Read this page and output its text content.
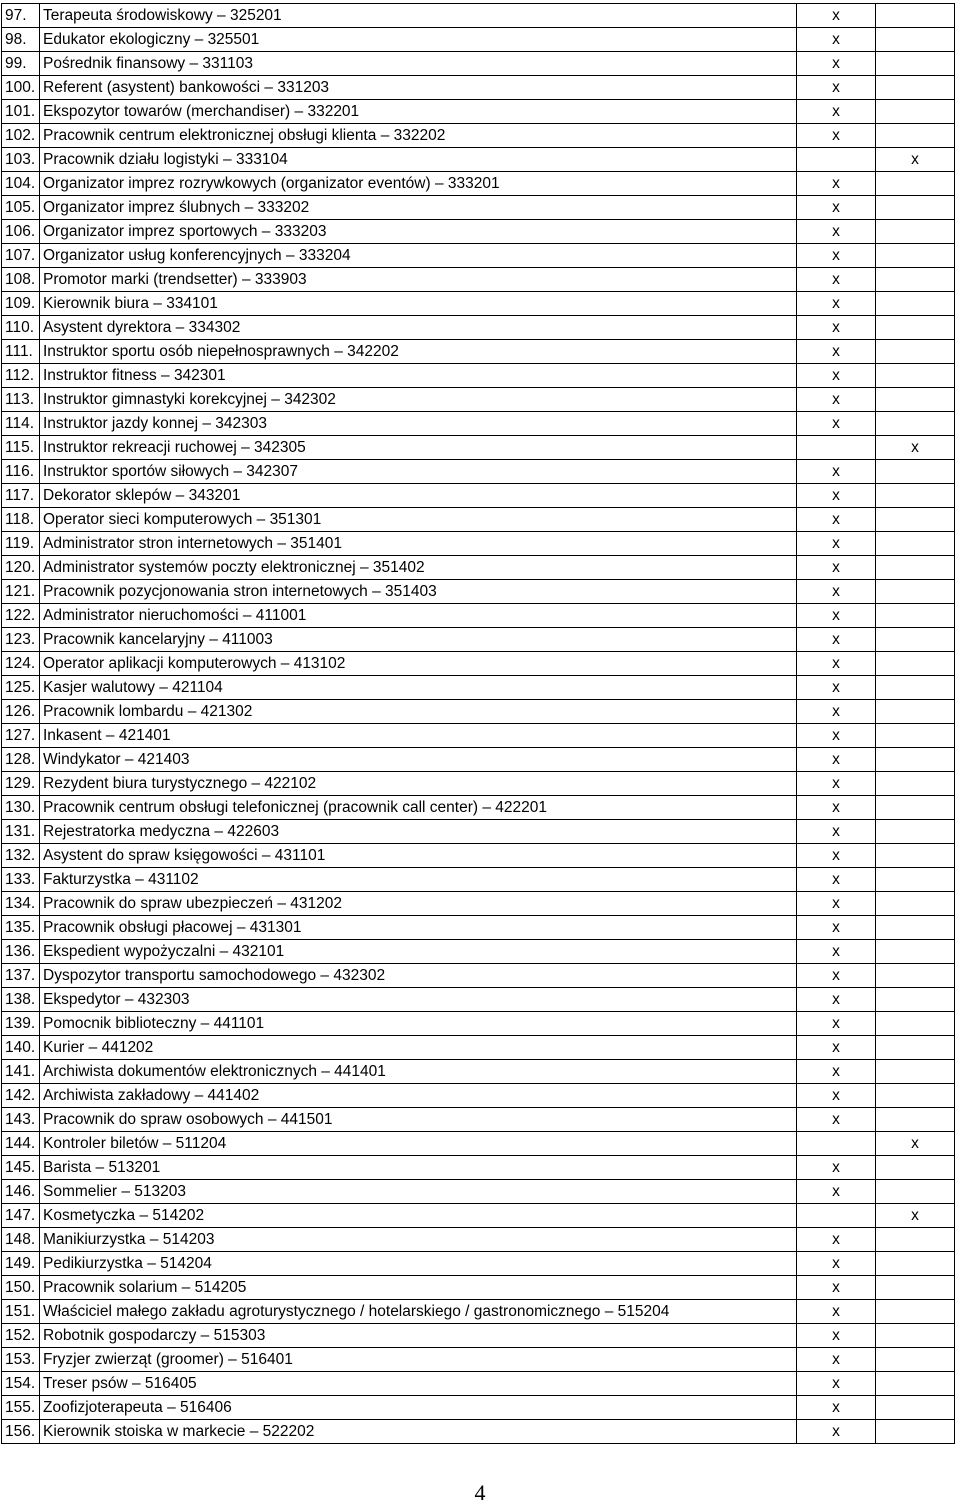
97.	Terapeuta środowiskowy – 325201	x	
98.	Edukator ekologiczny – 325501	x	
99.	Pośrednik finansowy – 331103	x	
100.	Referent (asystent) bankowości – 331203	x	
101.	Ekspozytor towarów (merchandiser) – 332201	x	
102.	Pracownik centrum elektronicznej obsługi klienta – 332202	x	
103.	Pracownik działu logistyki – 333104		x
104.	Organizator imprez rozrywkowych (organizator eventów) – 333201	x	
105.	Organizator imprez ślubnych – 333202	x	
106.	Organizator imprez sportowych – 333203	x	
107.	Organizator usług konferencyjnych – 333204	x	
108.	Promotor marki (trendsetter) – 333903	x	
109.	Kierownik biura – 334101	x	
110.	Asystent dyrektora – 334302	x	
111.	Instruktor sportu osób niepełnosprawnych – 342202	x	
112.	Instruktor fitness – 342301	x	
113.	Instruktor gimnastyki korekcyjnej – 342302	x	
114.	Instruktor jazdy konnej – 342303	x	
115.	Instruktor rekreacji ruchowej – 342305		x
116.	Instruktor sportów siłowych – 342307	x	
117.	Dekorator sklepów – 343201	x	
118.	Operator sieci komputerowych – 351301	x	
119.	Administrator stron internetowych – 351401	x	
120.	Administrator systemów poczty elektronicznej – 351402	x	
121.	Pracownik pozycjonowania stron internetowych – 351403	x	
122.	Administrator nieruchomości – 411001	x	
123.	Pracownik kancelaryjny – 411003	x	
124.	Operator aplikacji komputerowych – 413102	x	
125.	Kasjer walutowy – 421104	x	
126.	Pracownik lombardu – 421302	x	
127.	Inkasent – 421401	x	
128.	Windykator – 421403	x	
129.	Rezydent biura turystycznego – 422102	x	
130.	Pracownik centrum obsługi telefonicznej (pracownik call center) – 422201	x	
131.	Rejestratorka medyczna – 422603	x	
132.	Asystent do spraw księgowości – 431101	x	
133.	Fakturzystka – 431102	x	
134.	Pracownik do spraw ubezpieczeń – 431202	x	
135.	Pracownik obsługi płacowej – 431301	x	
136.	Ekspedient wypożyczalni – 432101	x	
137.	Dyspozytor transportu samochodowego – 432302	x	
138.	Ekspedytor – 432303	x	
139.	Pomocnik biblioteczny – 441101	x	
140.	Kurier – 441202	x	
141.	Archiwista dokumentów elektronicznych – 441401	x	
142.	Archiwista zakładowy – 441402	x	
143.	Pracownik do spraw osobowych – 441501	x	
144.	Kontroler biletów – 511204		x
145.	Barista – 513201	x	
146.	Sommelier – 513203	x	
147.	Kosmetyczka – 514202		x
148.	Manikiurzystka – 514203	x	
149.	Pedikiurzystka – 514204	x	
150.	Pracownik solarium – 514205	x	
151.	Właściciel małego zakładu agroturystycznego / hotelarskiego / gastronomicznego – 515204	x	
152.	Robotnik gospodarczy – 515303	x	
153.	Fryzjer zwierząt (groomer) – 516401	x	
154.	Treser psów – 516405	x	
155.	Zoofizjoterapeuta – 516406	x	
156.	Kierownik stoiska w markecie – 522202	x	
4
